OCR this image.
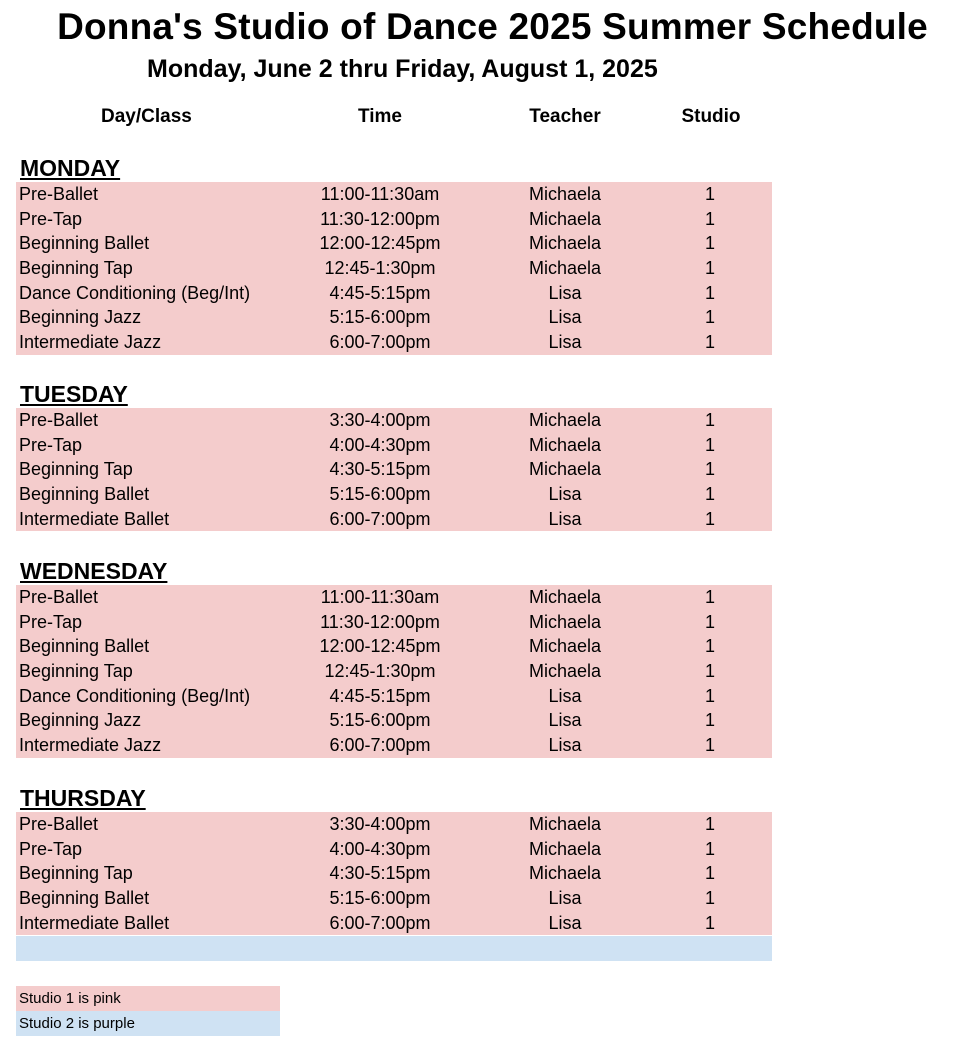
Donna's Studio of Dance 2025 Summer Schedule
Monday, June 2 thru Friday, August 1, 2025
Day/Class	Time	Teacher	Studio
MONDAY
Pre-Ballet	11:00-11:30am	Michaela	1
Pre-Tap	11:30-12:00pm	Michaela	1
Beginning Ballet	12:00-12:45pm	Michaela	1
Beginning Tap	12:45-1:30pm	Michaela	1
Dance Conditioning (Beg/Int)	4:45-5:15pm	Lisa	1
Beginning Jazz	5:15-6:00pm	Lisa	1
Intermediate Jazz	6:00-7:00pm	Lisa	1
TUESDAY
Pre-Ballet	3:30-4:00pm	Michaela	1
Pre-Tap	4:00-4:30pm	Michaela	1
Beginning Tap	4:30-5:15pm	Michaela	1
Beginning Ballet	5:15-6:00pm	Lisa	1
Intermediate Ballet	6:00-7:00pm	Lisa	1
WEDNESDAY
Pre-Ballet	11:00-11:30am	Michaela	1
Pre-Tap	11:30-12:00pm	Michaela	1
Beginning Ballet	12:00-12:45pm	Michaela	1
Beginning Tap	12:45-1:30pm	Michaela	1
Dance Conditioning (Beg/Int)	4:45-5:15pm	Lisa	1
Beginning Jazz	5:15-6:00pm	Lisa	1
Intermediate Jazz	6:00-7:00pm	Lisa	1
THURSDAY
Pre-Ballet	3:30-4:00pm	Michaela	1
Pre-Tap	4:00-4:30pm	Michaela	1
Beginning Tap	4:30-5:15pm	Michaela	1
Beginning Ballet	5:15-6:00pm	Lisa	1
Intermediate Ballet	6:00-7:00pm	Lisa	1
Studio 1 is pink
Studio 2 is purple
